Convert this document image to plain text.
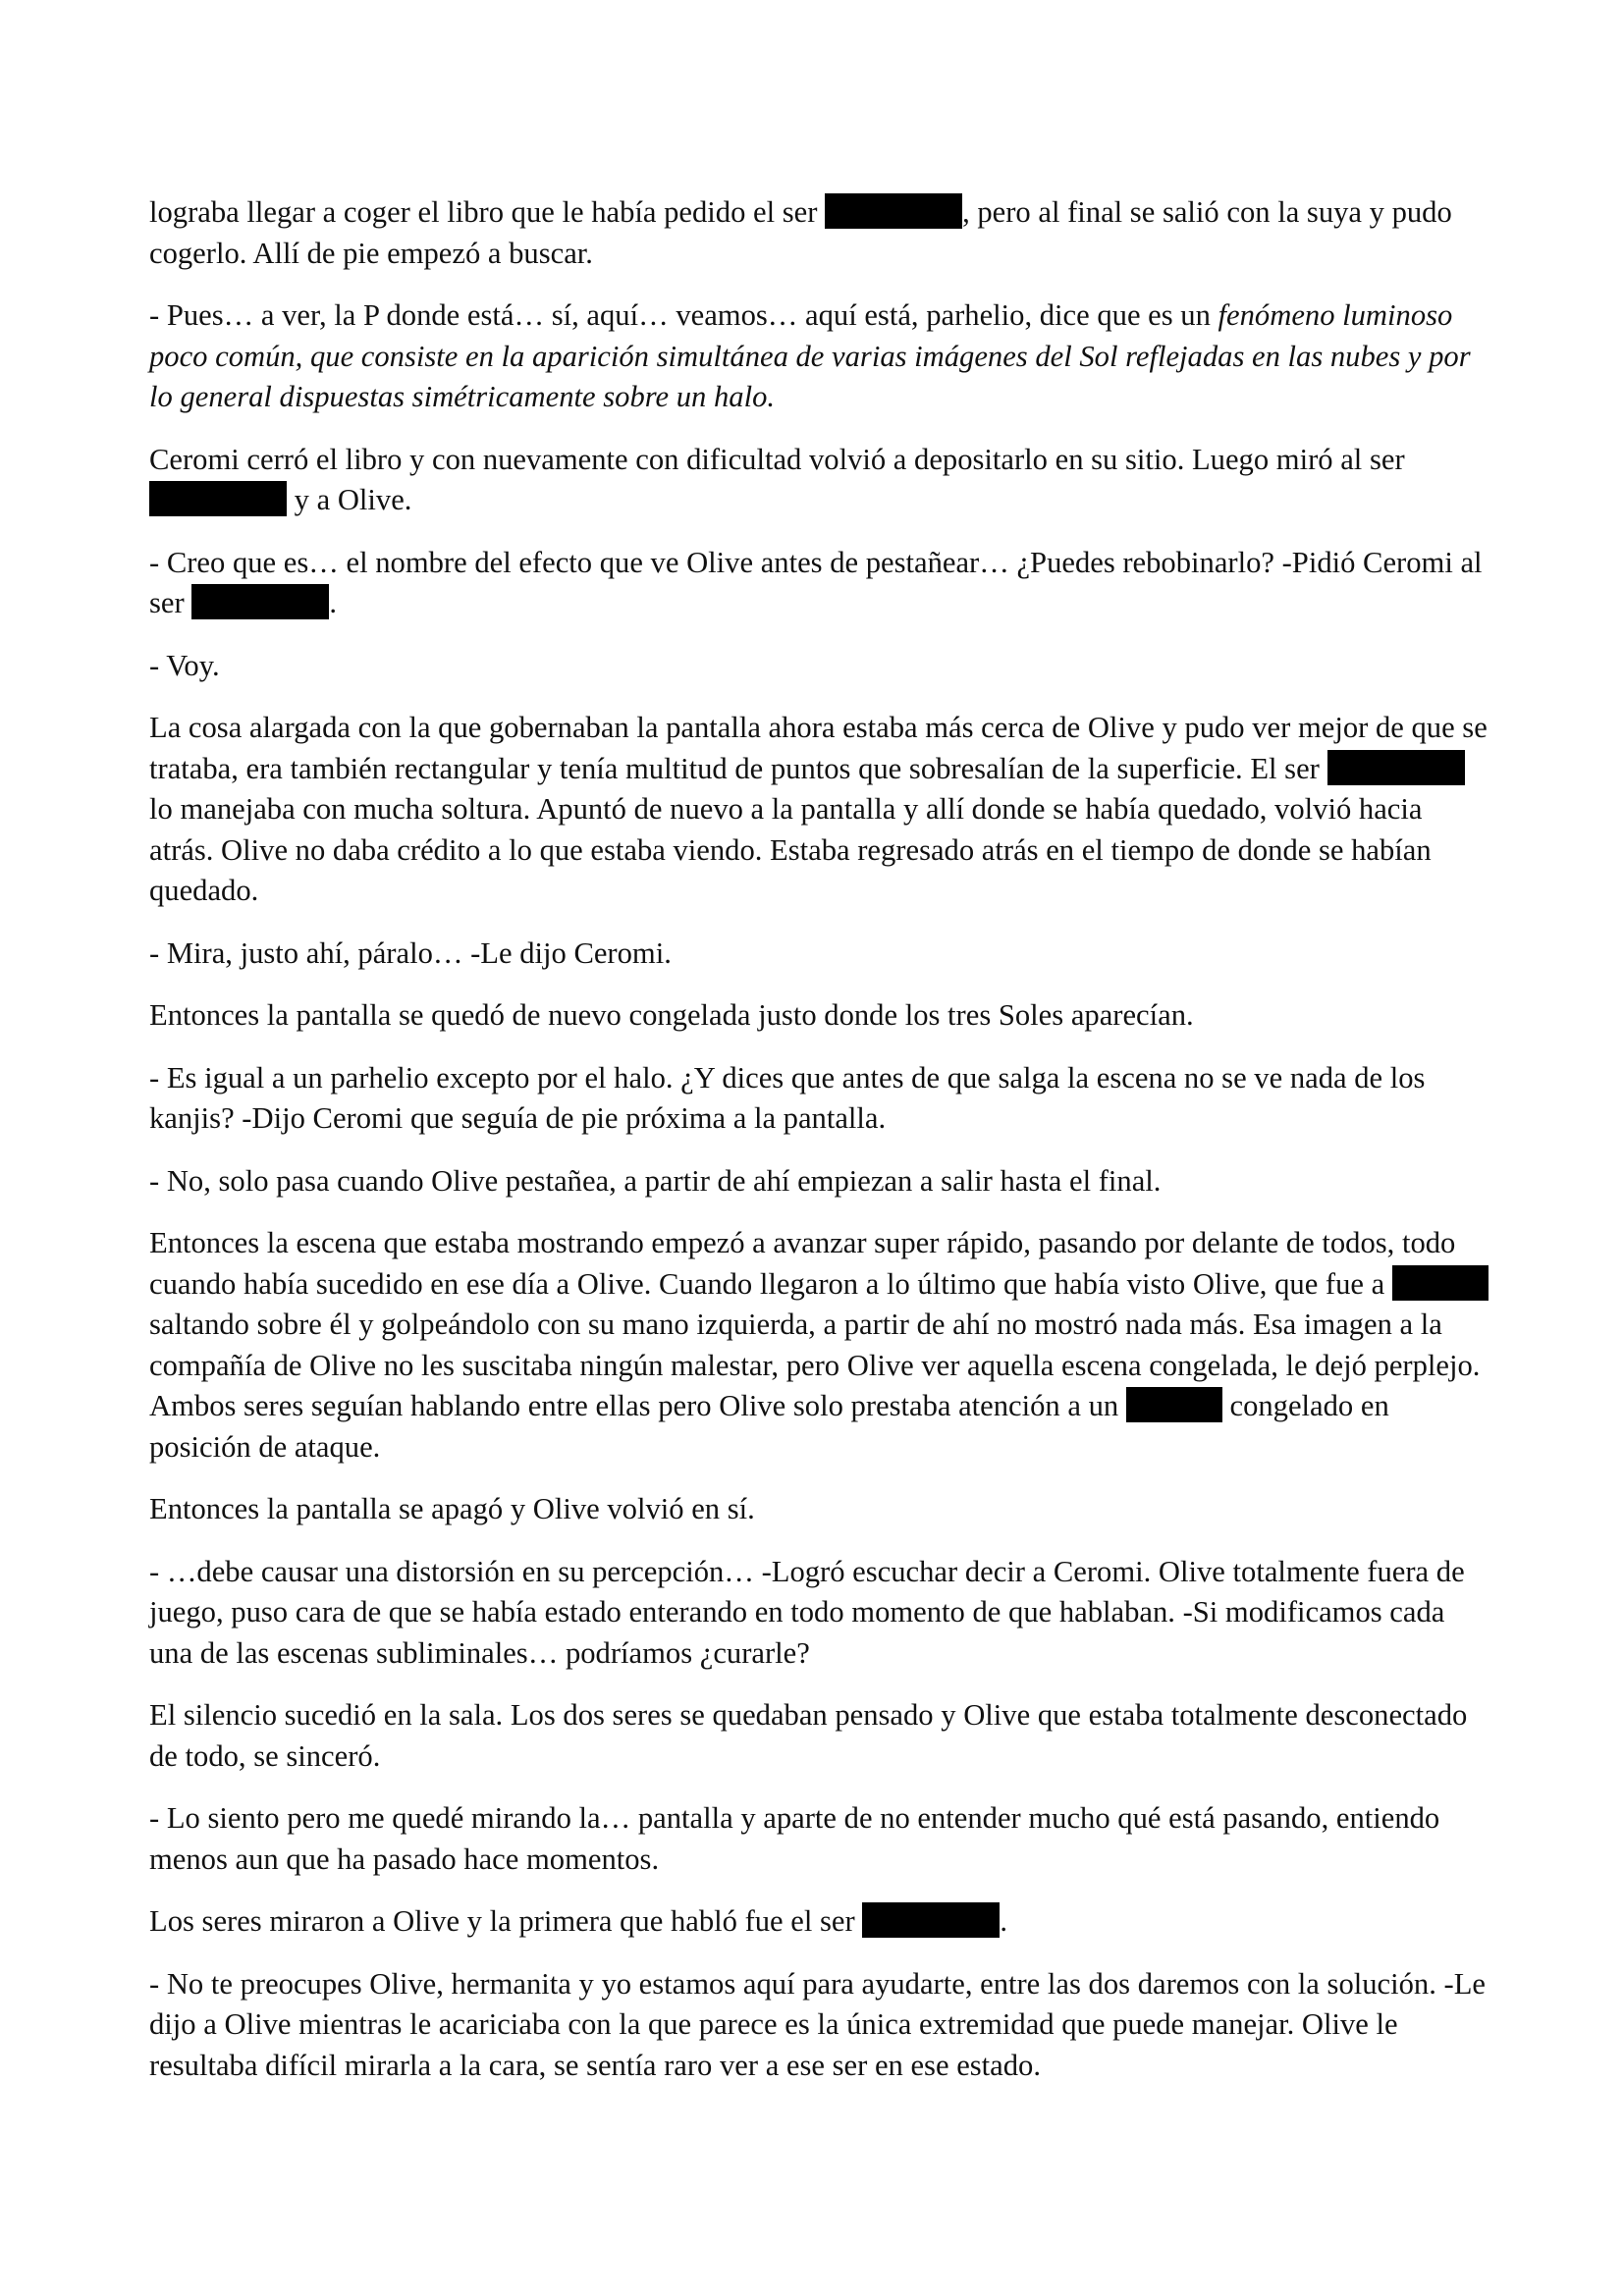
lograba llegar a coger el libro que le había pedido el ser	, pero al final se salió con la suya y pudo cogerlo. Allí de pie empezó a buscar.

- Pues… a ver, la P donde está… sí, aquí… veamos… aquí está, parhelio, dice que es un fenómeno luminoso poco común, que consiste en la aparición simultánea de varias imágenes del Sol reflejadas en las nubes y por lo general dispuestas simétricamente sobre un halo.

Ceromi cerró el libro y con nuevamente con dificultad volvió a depositarlo en su sitio. Luego miró al ser  y a Olive.

- Creo que es… el nombre del efecto que ve Olive antes de pestañear… ¿Puedes rebobinarlo? -Pidió Ceromi al ser	.

- Voy.

La cosa alargada con la que gobernaban la pantalla ahora estaba más cerca de Olive y pudo ver mejor de que se trataba, era también rectangular y tenía multitud de puntos que sobresalían de la superficie. El ser  lo manejaba con mucha soltura. Apuntó de nuevo a la pantalla y allí donde se había quedado, volvió hacia atrás. Olive no daba crédito a lo que estaba viendo. Estaba regresado atrás en el tiempo de donde se habían quedado.

- Mira, justo ahí, páralo… -Le dijo Ceromi.

Entonces la pantalla se quedó de nuevo congelada justo donde los tres Soles aparecían.

- Es igual a un parhelio excepto por el halo. ¿Y dices que antes de que salga la escena no se ve nada de los kanjis? -Dijo Ceromi que seguía de pie próxima a la pantalla.

- No, solo pasa cuando Olive pestañea, a partir de ahí empiezan a salir hasta el final.

Entonces la escena que estaba mostrando empezó a avanzar super rápido, pasando por delante de todos, todo cuando había sucedido en ese día a Olive. Cuando llegaron a lo último que había visto Olive, que fue a  saltando sobre él y golpeándolo con su mano izquierda, a partir de ahí no mostró nada más. Esa imagen a la compañía de Olive no les suscitaba ningún malestar, pero Olive ver aquella escena congelada, le dejó perplejo. Ambos seres seguían hablando entre ellas pero Olive solo prestaba atención a un	congelado en posición de ataque.

Entonces la pantalla se apagó y Olive volvió en sí.

- …debe causar una distorsión en su percepción… -Logró escuchar decir a Ceromi. Olive totalmente fuera de juego, puso cara de que se había estado enterando en todo momento de que hablaban. -Si modificamos cada una de las escenas subliminales… podríamos ¿curarle?

El silencio sucedió en la sala. Los dos seres se quedaban pensado y Olive que estaba totalmente desconectado de todo, se sinceró.

- Lo siento pero me quedé mirando la… pantalla y aparte de no entender mucho qué está pasando, entiendo menos aun que ha pasado hace momentos.

Los seres miraron a Olive y la primera que habló fue el ser	.

- No te preocupes Olive, hermanita y yo estamos aquí para ayudarte, entre las dos daremos con la solución. -Le dijo a Olive mientras le acariciaba con la que parece es la única extremidad que puede manejar. Olive le resultaba difícil mirarla a la cara, se sentía raro ver a ese ser en ese estado.
